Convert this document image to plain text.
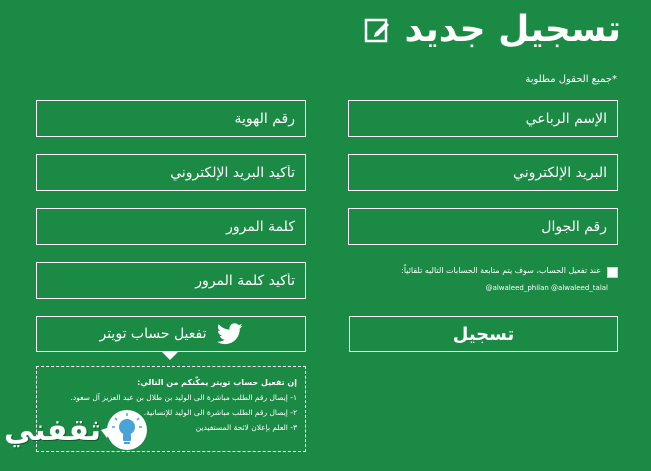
تسجيل جديد
*جميع الحقول مطلوبة
الإسم الرباعي
رقم الهوية
البريد الإلكتروني
تأكيد البريد الإلكتروني
رقم الجوال
عند تفعيل الحساب، سوف يتم متابعة الحسابات التاليه تلقائياً:
@alwaleed_philan @alwaleed_talal
تسجيل
تفعيل حساب تويتر
إن تفعيل حساب تويتر يمكّنكم من التالي:
١- إيصال رقم الطلب مباشرة الى الوليد بن طلال بن عبد العزيز آل سعود.
٢- إيصال رقم الطلب مباشرة الى الوليد للإنسانية.
٣- العلم بإعلان لائحة المستفيدين
ثقفني
